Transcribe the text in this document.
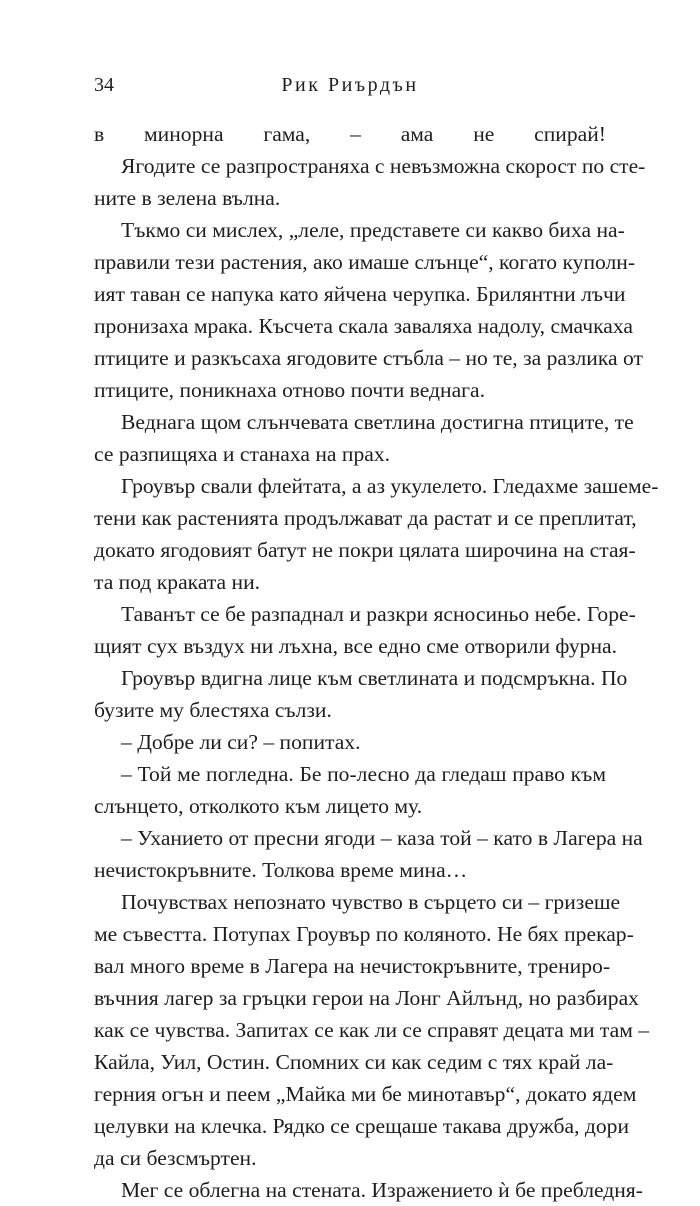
34	Рик Риърдън
в минорна гама, – ама не спирай!
Ягодите се разпространяха с невъзможна скорост по сте-
ните в зелена вълна.
Тъкмо си мислех, „леле, представете си какво биха на-
правили тези растения, ако имаше слънце“, когато куполн-
ият таван се напука като яйчена черупка. Брилянтни лъчи
пронизаха мрака. Късчета скала заваляха надолу, смачкаха
птиците и разкъсаха ягодовите стъбла – но те, за разлика от
птиците, поникнаха отново почти веднага.
Веднага щом слънчевата светлина достигна птиците, те
се разпищяха и станаха на прах.
Гроувър свали флейтата, а аз укулелето. Гледахме зашеме-
тени как растенията продължават да растат и се преплитат,
докато ягодовият батут не покри цялата широчина на стая-
та под краката ни.
Таванът се бе разпаднал и разкри ясносиньо небе. Горе-
щият сух въздух ни лъхна, все едно сме отворили фурна.
Гроувър вдигна лице към светлината и подсмръкна. По
бузите му блестяха сълзи.
– Добре ли си? – попитах.
– Той ме погледна. Бе по-лесно да гледаш право към
слънцето, отколкото към лицето му.
– Уханието от пресни ягоди – каза той – като в Лагера на
нечистокръвните. Толкова време мина…
Почувствах непознато чувство в сърцето си – гризеше
ме съвестта. Потупах Гроувър по коляното. Не бях прекар-
вал много време в Лагера на нечистокръвните, трениро-
въчния лагер за гръцки герои на Лонг Айлънд, но разбирах
как се чувства. Запитах се как ли се справят децата ми там –
Кайла, Уил, Остин. Спомних си как седим с тях край ла-
герния огън и пеем „Майка ми бе минотавър“, докато ядем
целувки на клечка. Рядко се срещаше такава дружба, дори
да си безсмъртен.
Мег се облегна на стената. Изражението ѝ бе пребледня-
